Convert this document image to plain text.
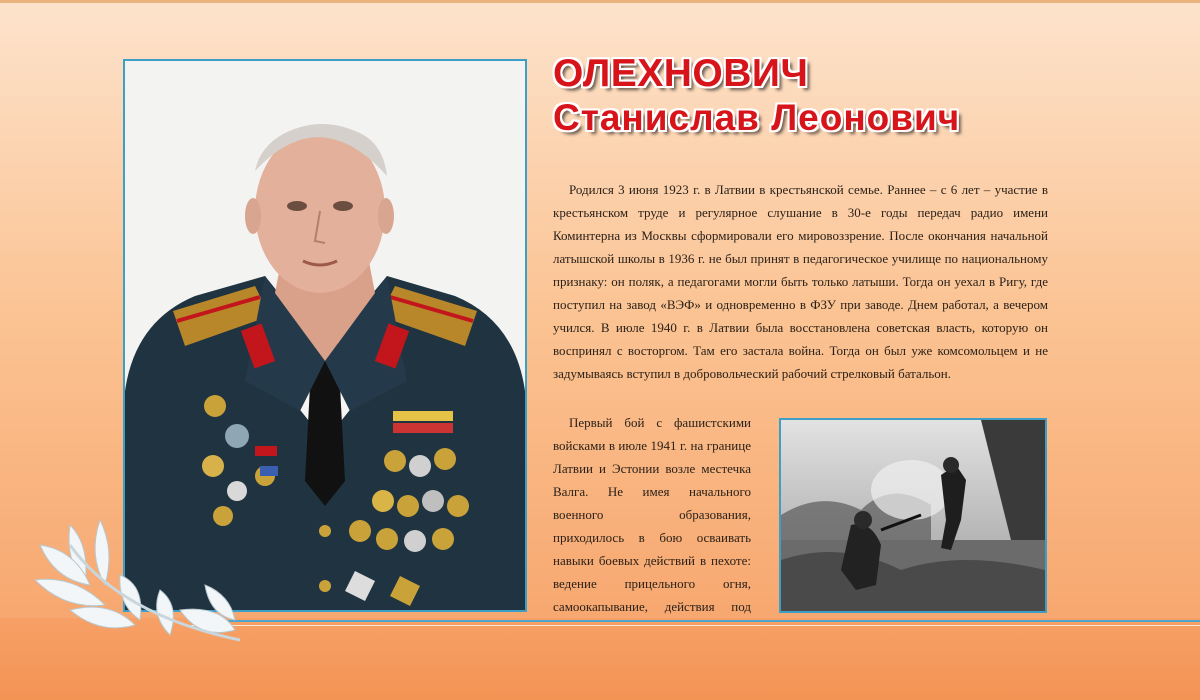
ОЛЕХНОВИЧ
Станислав Леонович

Родился 3 июня 1923 г. в Латвии в крестьянской семье. Раннее – с 6 лет – участие в крестьянском труде и регулярное слушание в 30-е годы передач радио имени Коминтерна из Москвы сформировали его мировоззрение. После окончания начальной латышской школы в 1936 г. не был принят в педагогическое училище по национальному признаку: он поляк, а педагогами могли быть только латыши. Тогда он уехал в Ригу, где поступил на завод «ВЭФ» и одновременно в ФЗУ при заводе. Днем работал, а вечером учился. В июле 1940 г. в Латвии была восстановлена советская власть, которую он воспринял с восторгом. Там его застала война. Тогда он был уже комсомольцем и не задумываясь вступил в добровольческий рабочий стрелковый батальон.

Первый бой с фашистскими войсками в июле 1941 г. на границе Латвии и Эстонии возле местечка Валга. Не имея начального военного образования, приходилось в бою осваивать навыки боевых действий в пехоте: ведение прицельного огня, самоокапывание, действия под
